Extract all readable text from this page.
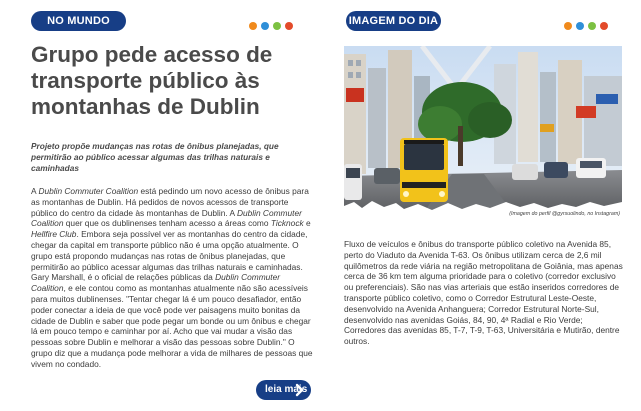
NO MUNDO
Grupo pede acesso de transporte público às montanhas de Dublin

Projeto propõe mudanças nas rotas de ônibus planejadas, que permitirão ao público acessar algumas das trilhas naturais e caminhadas

A Dublin Commuter Coalition está pedindo um novo acesso de ônibus para as montanhas de Dublin. Há pedidos de novos acessos de transporte público do centro da cidade às montanhas de Dublin. A Dublin Commuter Coalition quer que os dublinenses tenham acesso a áreas como Ticknock e Hellfire Club. Embora seja possível ver as montanhas do centro da cidade, chegar da capital em transporte público não é uma opção atualmente. O grupo está propondo mudanças nas rotas de ônibus planejadas, que permitirão ao público acessar algumas das trilhas naturais e caminhadas. Gary Marshall, é o oficial de relações públicas da Dublin Commuter Coalition, e ele contou como as montanhas atualmente não são acessíveis para muitos dublinenses. "Tentar chegar lá é um pouco desafiador, então poder conectar a ideia de que você pode ver paisagens muito bonitas da cidade de Dublin e saber que pode pegar um bonde ou um ônibus e chegar lá em pouco tempo e caminhar por aí. Acho que vai mudar a visão das pessoas sobre Dublin e melhorar a visão das pessoas sobre Dublin." O grupo diz que a mudança pode melhorar a vida de milhares de pessoas que vivem no condado.

leia mais
IMAGEM DO DIA

(Imagem do perfil @gyrsuolindo, no Instagram)

Fluxo de veículos e ônibus do transporte público coletivo na Avenida 85, perto do Viaduto da Avenida T-63. Os ônibus utilizam cerca de 2,6 mil quilômetros da rede viária na região metropolitana de Goiânia, mas apenas cerca de 36 km tem alguma prioridade para o coletivo (corredor exclusivo ou preferenciais). São nas vias arteriais que estão inseridos corredores de transporte público coletivo, como o Corredor Estrutural Leste-Oeste, desenvolvido na Avenida Anhanguera; Corredor Estrutural Norte-Sul, desenvolvido nas avenidas Goiás, 84, 90, 4ª Radial e Rio Verde; Corredores das avenidas 85, T-7, T-9, T-63, Universitária e Mutirão, dentre outros.
